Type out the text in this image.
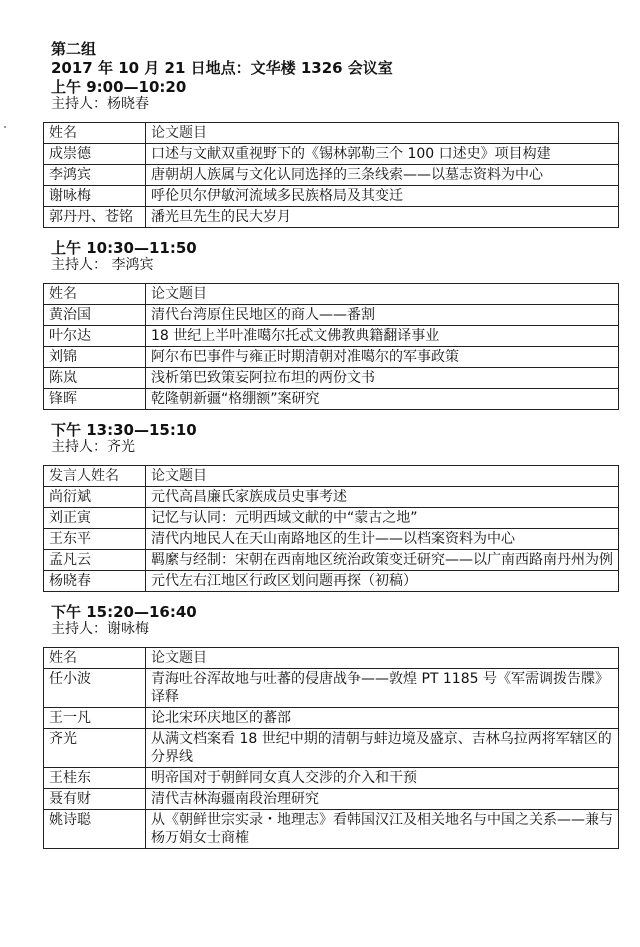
第二组
2017 年 10 月 21 日地点：文华楼 1326 会议室
上午 9:00—10:20
主持人：杨晓春
姓名	论文题目
成崇德	口述与文献双重视野下的《锡林郭勒三个 100 口述史》项目构建
李鸿宾	唐朝胡人族属与文化认同选择的三条线索——以墓志资料为中心
谢咏梅	呼伦贝尔伊敏河流域多民族格局及其变迁
郭丹丹、苍铭	潘光旦先生的民大岁月
上午 10:30—11:50
主持人： 李鸿宾
姓名	论文题目
黄治国	清代台湾原住民地区的商人——番割
叶尔达	18 世纪上半叶准噶尔托忒文佛教典籍翻译事业
刘锦	阿尔布巴事件与雍正时期清朝对准噶尔的军事政策
陈岚	浅析第巴致策妄阿拉布坦的两份文书
锋晖	乾隆朝新疆“格绷额”案研究
下午 13:30—15:10
主持人：齐光
发言人姓名	论文题目
尚衍斌	元代高昌廉氏家族成员史事考述
刘正寅	记忆与认同：元明西域文献的中“蒙古之地”
王东平	清代内地民人在天山南路地区的生计——以档案资料为中心
孟凡云	羁縻与经制：宋朝在西南地区统治政策变迁研究——以广南西路南丹州为例
杨晓春	元代左右江地区行政区划问题再探（初稿）
下午 15:20—16:40
主持人：谢咏梅
姓名	论文题目
任小波	青海吐谷浑故地与吐蕃的侵唐战争——敦煌 PT 1185 号《军需调拨告牒》译释
王一凡	论北宋环庆地区的蕃部
齐光	从满文档案看 18 世纪中期的清朝与蚌边境及盛京、吉林乌拉两将军辖区的分界线
王桂东	明帝国对于朝鲜同女真人交涉的介入和干预
聂有财	清代吉林海疆南段治理研究
姚诗聪	从《朝鲜世宗实录・地理志》看韩国汉江及相关地名与中国之关系——兼与杨万娟女士商榷
